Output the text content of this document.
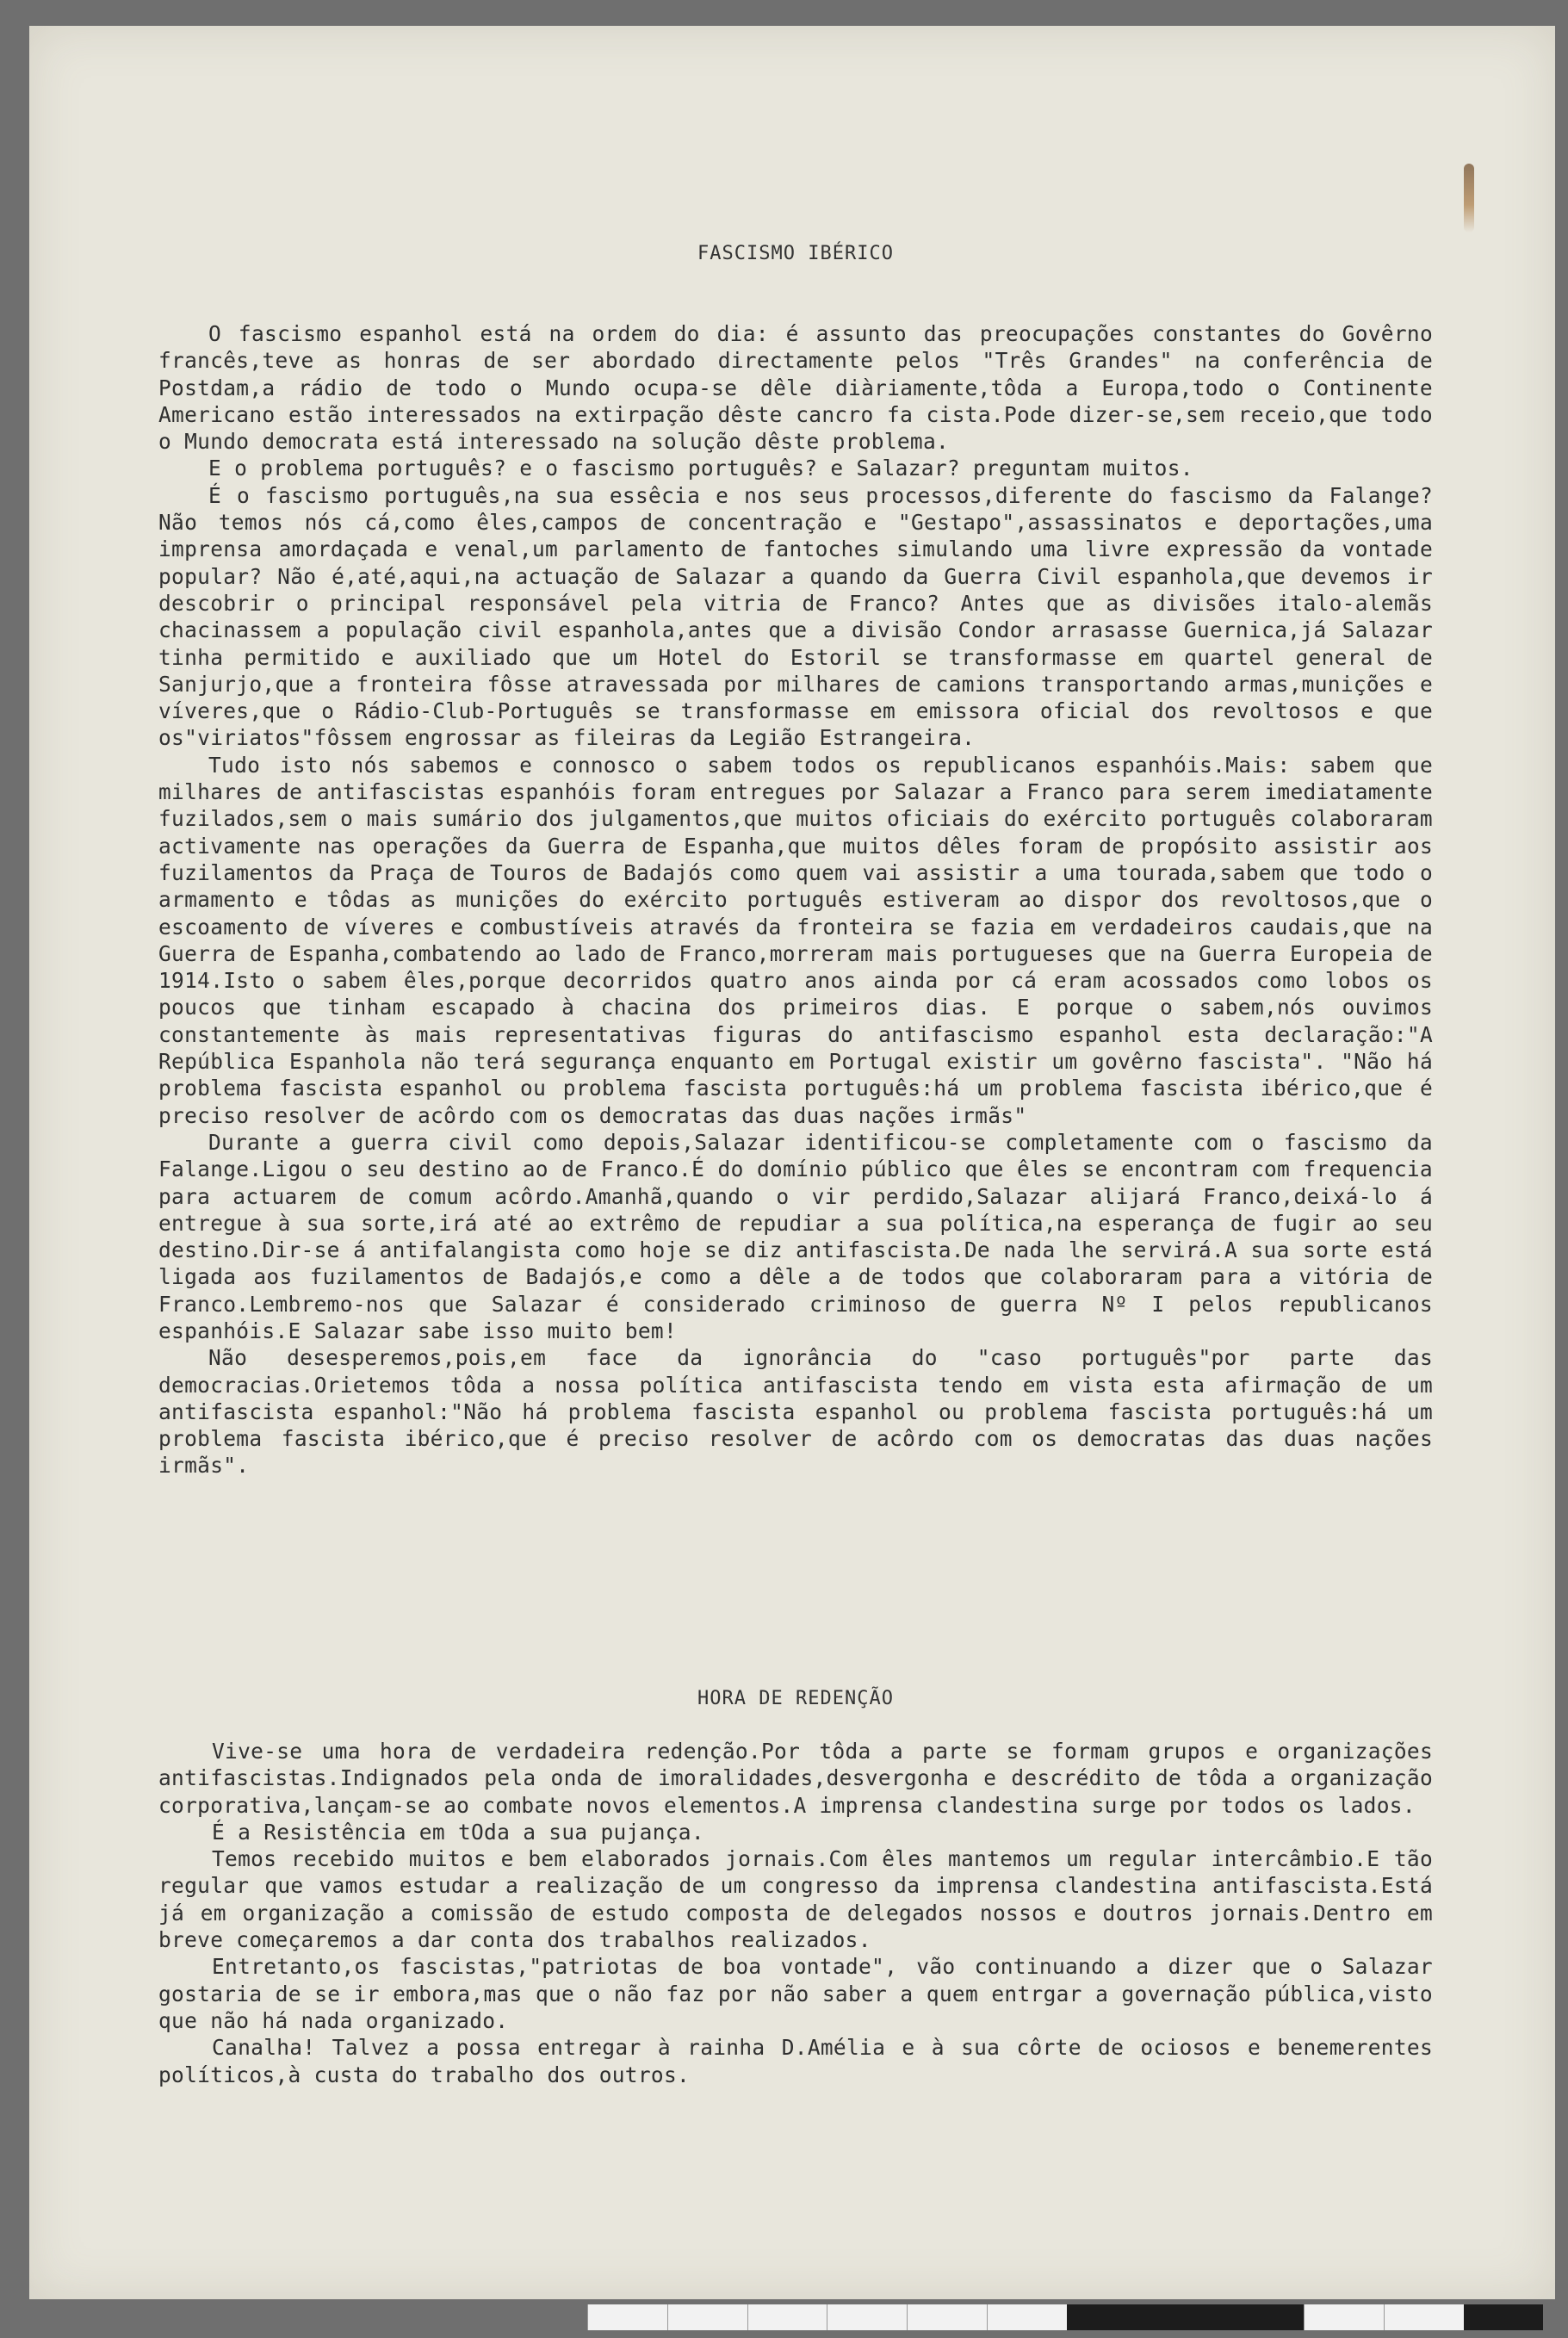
FASCISMO IBÉRICO

O fascismo espanhol está na ordem do dia: é assunto das preocupações constantes do Govêrno francês,teve as honras de ser abordado directamente pelos "Três Grandes" na conferência de Postdam,a rádio de todo o Mundo ocupa-se dêle diàriamente,tôda a Europa,todo o Continente Americano estão interessados na extirpação dêste cancro fa cista.Pode dizer-se,sem receio,que todo o Mundo democrata está interessado na solução dêste problema.

E o problema português? e o fascismo português? e Salazar? preguntam muitos.

É o fascismo português,na sua essêcia e nos seus processos,diferente do fascismo da Falange? Não temos nós cá,como êles,campos de concentração e "Gestapo",assassinatos e deportações,uma imprensa amordaçada e venal,um parlamento de fantoches simulando uma livre expressão da vontade popular? Não é,até,aqui,na actuação de Salazar a quando da Guerra Civil espanhola,que devemos ir descobrir o principal responsável pela vitria de Franco? Antes que as divisões italo-alemãs chacinassem a população civil espanhola,antes que a divisão Condor arrasasse Guernica,já Salazar tinha permitido e auxiliado que um Hotel do Estoril se transformasse em quartel general de Sanjurjo,que a fronteira fôsse atravessada por milhares de camions transportando armas,munições e víveres,que o Rádio-Club-Português se transformasse em emissora oficial dos revoltosos e que os"viriatos"fôssem engrossar as fileiras da Legião Estrangeira.

Tudo isto nós sabemos e connosco o sabem todos os republicanos espanhóis.Mais: sabem que milhares de antifascistas espanhóis foram entregues por Salazar a Franco para serem imediatamente fuzilados,sem o mais sumário dos julgamentos,que muitos oficiais do exército português colaboraram activamente nas operações da Guerra de Espanha,que muitos dêles foram de propósito assistir aos fuzilamentos da Praça de Touros de Badajós como quem vai assistir a uma tourada,sabem que todo o armamento e tôdas as munições do exército português estiveram ao dispor dos revoltosos,que o escoamento de víveres e combustíveis através da fronteira se fazia em verdadeiros caudais,que na Guerra de Espanha,combatendo ao lado de Franco,morreram mais portugueses que na Guerra Europeia de 1914.Isto o sabem êles,porque decorridos quatro anos ainda por cá eram acossados como lobos os poucos que tinham escapado à chacina dos primeiros dias. E porque o sabem,nós ouvimos constantemente às mais representativas figuras do antifascismo espanhol esta declaração:"A República Espanhola não terá segurança enquanto em Portugal existir um govêrno fascista". "Não há problema fascista espanhol ou problema fascista português:há um problema fascista ibérico,que é preciso resolver de acôrdo com os democratas das duas nações irmãs"

Durante a guerra civil como depois,Salazar identificou-se completamente com o fascismo da Falange.Ligou o seu destino ao de Franco.É do domínio público que êles se encontram com frequencia para actuarem de comum acôrdo.Amanhã,quando o vir perdido,Salazar alijará Franco,deixá-lo á entregue à sua sorte,irá até ao extrêmo de repudiar a sua política,na esperança de fugir ao seu destino.Dir-se á antifalangista como hoje se diz antifascista.De nada lhe servirá.A sua sorte está ligada aos fuzilamentos de Badajós,e como a dêle a de todos que colaboraram para a vitória de Franco.Lembremo-nos que Salazar é considerado criminoso de guerra Nº I pelos republicanos espanhóis.E Salazar sabe isso muito bem!

Não desesperemos,pois,em face da ignorância do "caso português"por parte das democracias.Orietemos tôda a nossa política antifascista tendo em vista esta afirmação de um antifascista espanhol:"Não há problema fascista espanhol ou problema fascista português:há um problema fascista ibérico,que é preciso resolver de acôrdo com os democratas das duas nações irmãs".

HORA DE REDENÇÃO

Vive-se uma hora de verdadeira redenção.Por tôda a parte se formam grupos e organizações antifascistas.Indignados pela onda de imoralidades,desvergonha e descrédito de tôda a organização corporativa,lançam-se ao combate novos elementos.A imprensa clandestina surge por todos os lados.

É a Resistência em tOda a sua pujança.

Temos recebido muitos e bem elaborados jornais.Com êles mantemos um regular intercâmbio.E tão regular que vamos estudar a realização de um congresso da imprensa clandestina antifascista.Está já em organização a comissão de estudo composta de delegados nossos e doutros jornais.Dentro em breve começaremos a dar conta dos trabalhos realizados.

Entretanto,os fascistas,"patriotas de boa vontade", vão continuando a dizer que o Salazar gostaria de se ir embora,mas que o não faz por não saber a quem entrgar a governação pública,visto que não há nada organizado.

Canalha! Talvez a possa entregar à rainha D.Amélia e à sua côrte de ociosos e benemerentes políticos,à custa do trabalho dos outros.
